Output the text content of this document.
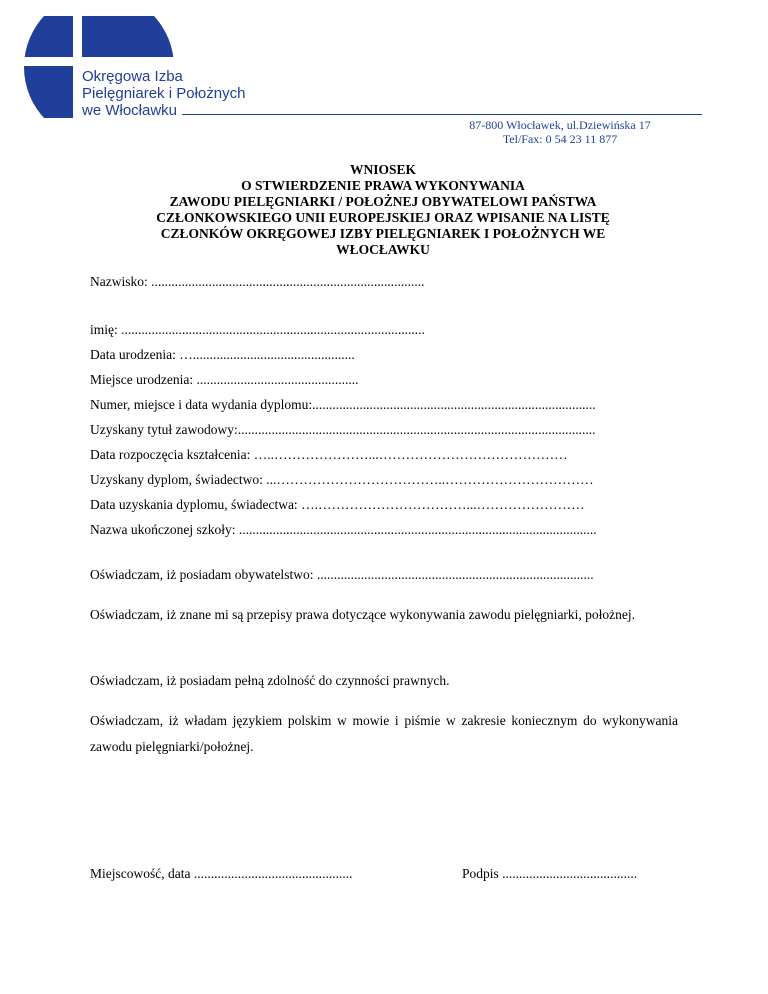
Okręgowa Izba
Pielęgniarek i Położnych
we Włocławku
87-800 Włocławek, ul.Dziewińska 17
Tel/Fax: 0 54 23 11 877
WNIOSEK
O STWIERDZENIE PRAWA WYKONYWANIA
ZAWODU PIELĘGNIARKI / POŁOŻNEJ OBYWATELOWI PAŃSTWA
CZŁONKOWSKIEGO UNII EUROPEJSKIEJ ORAZ WPISANIE NA LISTĘ
CZŁONKÓW OKRĘGOWEJ IZBY PIELĘGNIAREK I POŁOŻNYCH WE
WŁOCŁAWKU
Nazwisko: .................................................................................
imię: ..........................................................................................
Data urodzenia: …................................................
Miejsce urodzenia: ................................................
Numer, miejsce i data wydania dyplomu:....................................................................................
Uzyskany tytuł zawodowy:..........................................................................................................
Data rozpoczęcia kształcenia: …..…………………...……………………………………
Uzyskany dyplom, świadectwo: ...………………………………..……………………………
Data uzyskania dyplomu, świadectwa: ….……………………………...……………………
Nazwa ukończonej szkoły: ..........................................................................................................
Oświadczam, iż posiadam obywatelstwo: ..................................................................................
Oświadczam, iż znane mi są przepisy prawa dotyczące wykonywania zawodu pielęgniarki, położnej.
Oświadczam, iż posiadam pełną zdolność do czynności prawnych.
Oświadczam, iż władam językiem polskim w mowie i piśmie w zakresie koniecznym do wykonywania zawodu pielęgniarki/położnej.
Miejscowość, data ...............................................	Podpis ........................................
